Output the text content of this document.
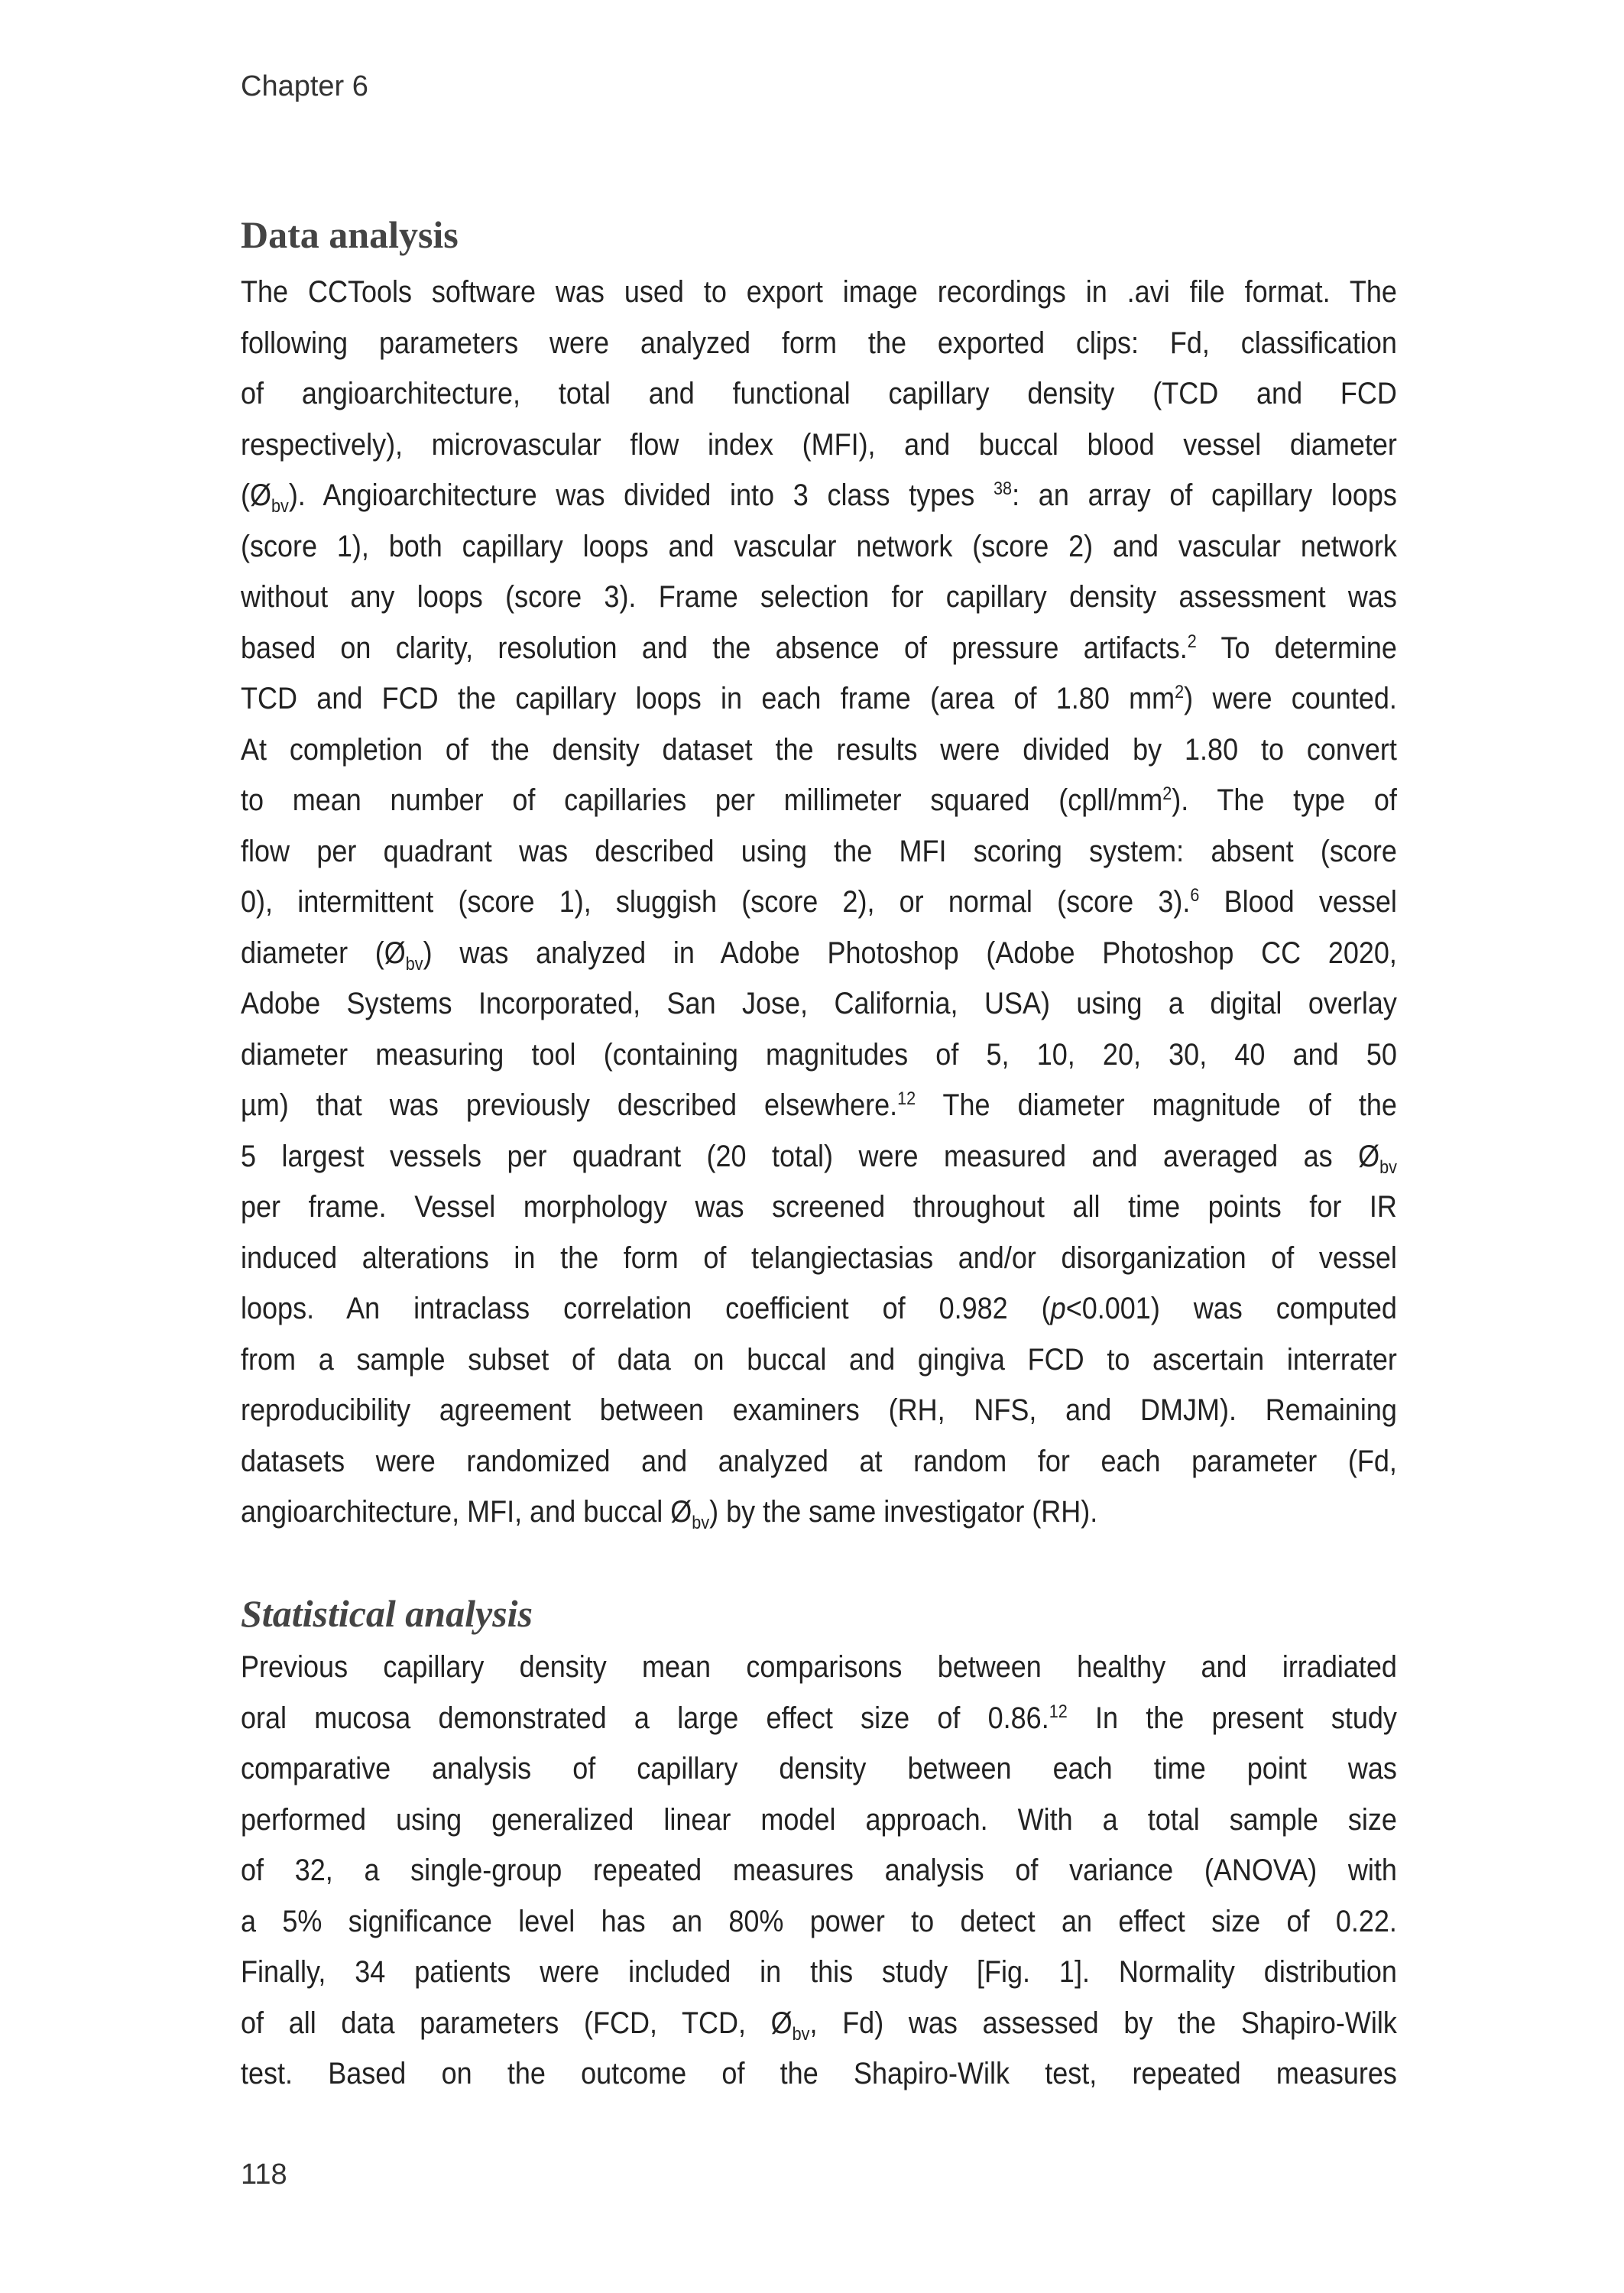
Chapter 6
Data analysis
The CCTools software was used to export image recordings in .avi file format. The
following parameters were analyzed form the exported clips: Fd, classification
of angioarchitecture, total and functional capillary density (TCD and FCD
respectively), microvascular flow index (MFI), and buccal blood vessel diameter
$(Ø_{bv})$. Angioarchitecture was divided into 3 class types $^{38}$: an array of capillary loops
(score 1), both capillary loops and vascular network (score 2) and vascular network
without any loops (score 3). Frame selection for capillary density assessment was
based on clarity, resolution and the absence of pressure artifacts.$^2$ To determine
TCD and FCD the capillary loops in each frame (area of 1.80 $mm^2$) were counted.
At completion of the density dataset the results were divided by 1.80 to convert
to mean number of capillaries per millimeter squared $(cpll/mm^2)$. The type of
flow per quadrant was described using the MFI scoring system: absent (score
0), intermittent (score 1), sluggish (score 2), or normal (score 3).$^6$ Blood vessel
diameter $(Ø_{bv})$ was analyzed in Adobe Photoshop (Adobe Photoshop CC 2020,
Adobe Systems Incorporated, San Jose, California, USA) using a digital overlay
diameter measuring tool (containing magnitudes of 5, 10, 20, 30, 40 and 50
µm) that was previously described elsewhere.$^{12}$ The diameter magnitude of the
5 largest vessels per quadrant (20 total) were measured and averaged as $Ø_{bv}$
per frame. Vessel morphology was screened throughout all time points for IR
induced alterations in the form of telangiectasias and/or disorganization of vessel
loops. An intraclass correlation coefficient of 0.982 (p<0.001) was computed
from a sample subset of data on buccal and gingiva FCD to ascertain interrater
reproducibility agreement between examiners (RH, NFS, and DMJM). Remaining
datasets were randomized and analyzed at random for each parameter (Fd,
angioarchitecture, MFI, and buccal $Ø_{bv}$) by the same investigator (RH).
Statistical analysis
Previous capillary density mean comparisons between healthy and irradiated
oral mucosa demonstrated a large effect size of 0.86.12 In the present study
comparative analysis of capillary density between each time point was
performed using generalized linear model approach. With a total sample size
of 32, a single-group repeated measures analysis of variance (ANOVA) with
a 5% significance level has an 80% power to detect an effect size of 0.22.
Finally, 34 patients were included in this study [Fig. 1]. Normality distribution
of all data parameters (FCD, TCD, $Ø_{bv}$, Fd) was assessed by the Shapiro-Wilk
test. Based on the outcome of the Shapiro-Wilk test, repeated measures
118
